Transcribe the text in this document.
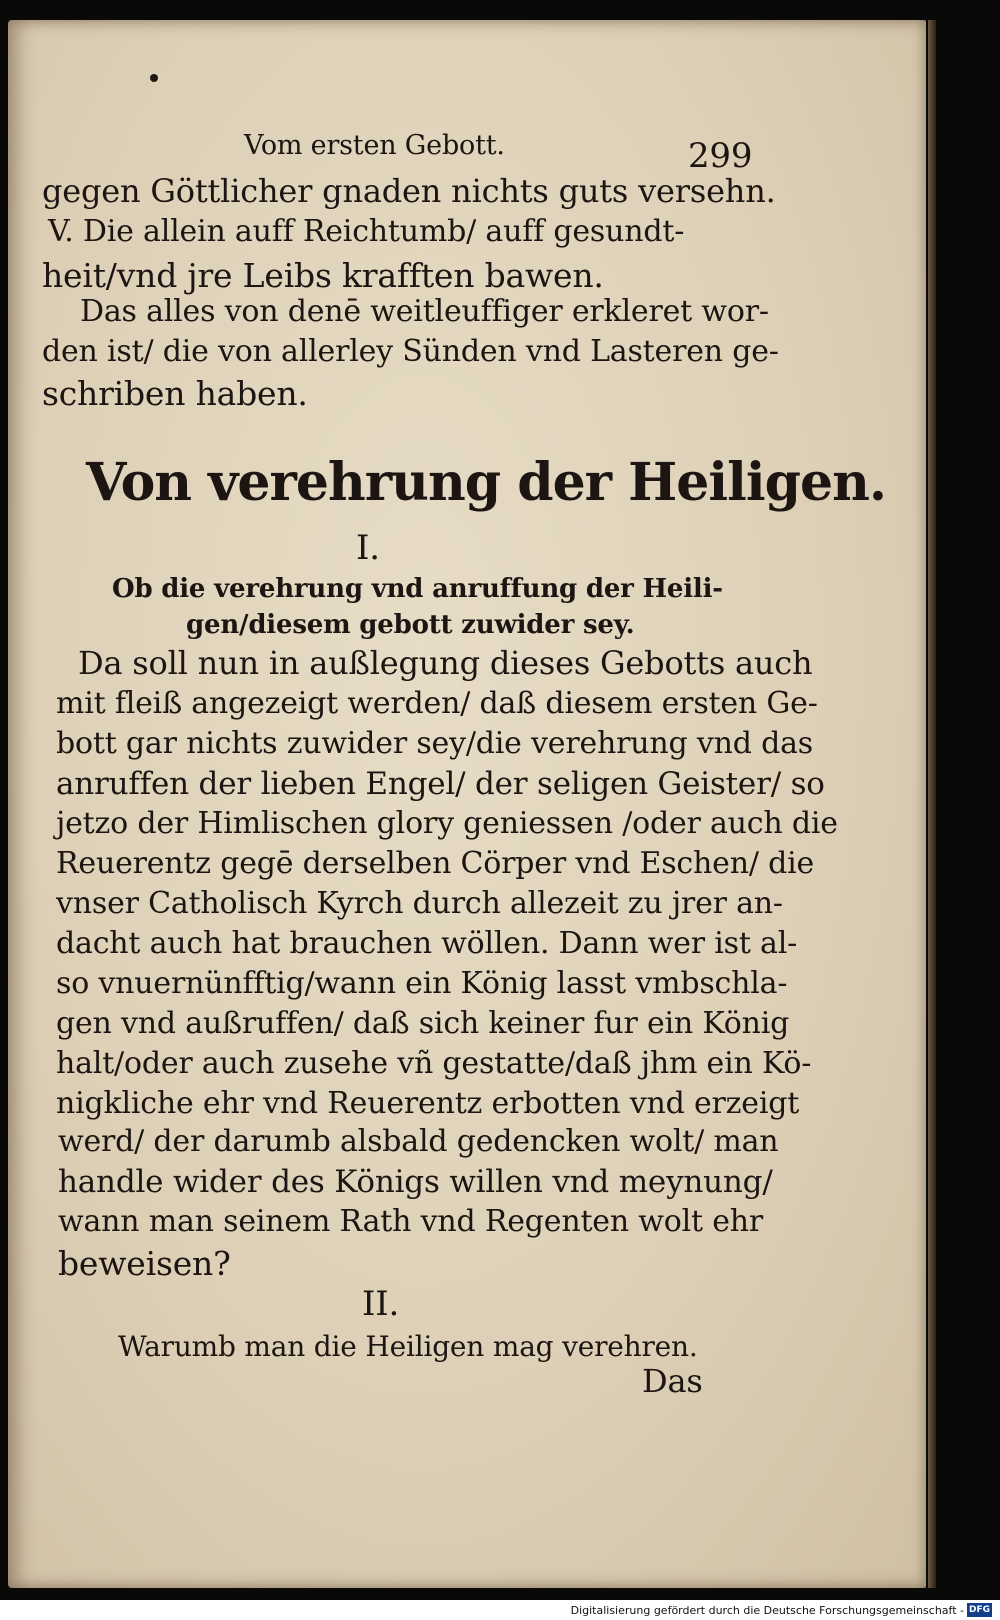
Vom ersten Gebott.	299

gegen Göttlicher gnaden nichts guts versehn.

V. Die allein auff Reichtumb/ auff gesundt-

heit/vnd jre Leibs krafften bawen.

Das alles von denē weitleuffiger erkleret wor-

den ist/ die von allerley Sünden vnd Lasteren ge-

schriben haben.

Von verehrung der Heiligen.

I.

Ob die verehrung vnd anruffung der Heili-

gen/diesem gebott zuwider sey.

Da soll nun in außlegung dieses Gebotts auch

mit fleiß angezeigt werden/ daß diesem ersten Ge-

bott gar nichts zuwider sey/die verehrung vnd das

anruffen der lieben Engel/ der seligen Geister/ so

jetzo der Himlischen glory geniessen /oder auch die

Reuerentz gegē derselben Cörper vnd Eschen/ die

vnser Catholisch Kyrch durch allezeit zu jrer an-

dacht auch hat brauchen wöllen. Dann wer ist al-

so vnuernünfftig/wann ein König lasst vmbschla-

gen vnd außruffen/ daß sich keiner fur ein König

halt/oder auch zusehe vñ gestatte/daß jhm ein Kö-

nigkliche ehr vnd Reuerentz erbotten vnd erzeigt

werd/ der darumb alsbald gedencken wolt/ man

handle wider des Königs willen vnd meynung/

wann man seinem Rath vnd Regenten wolt ehr

beweisen?

II.

Warumb man die Heiligen mag verehren.

Das

Digitalisierung gefördert durch die Deutsche Forschungsgemeinschaft - DFG
